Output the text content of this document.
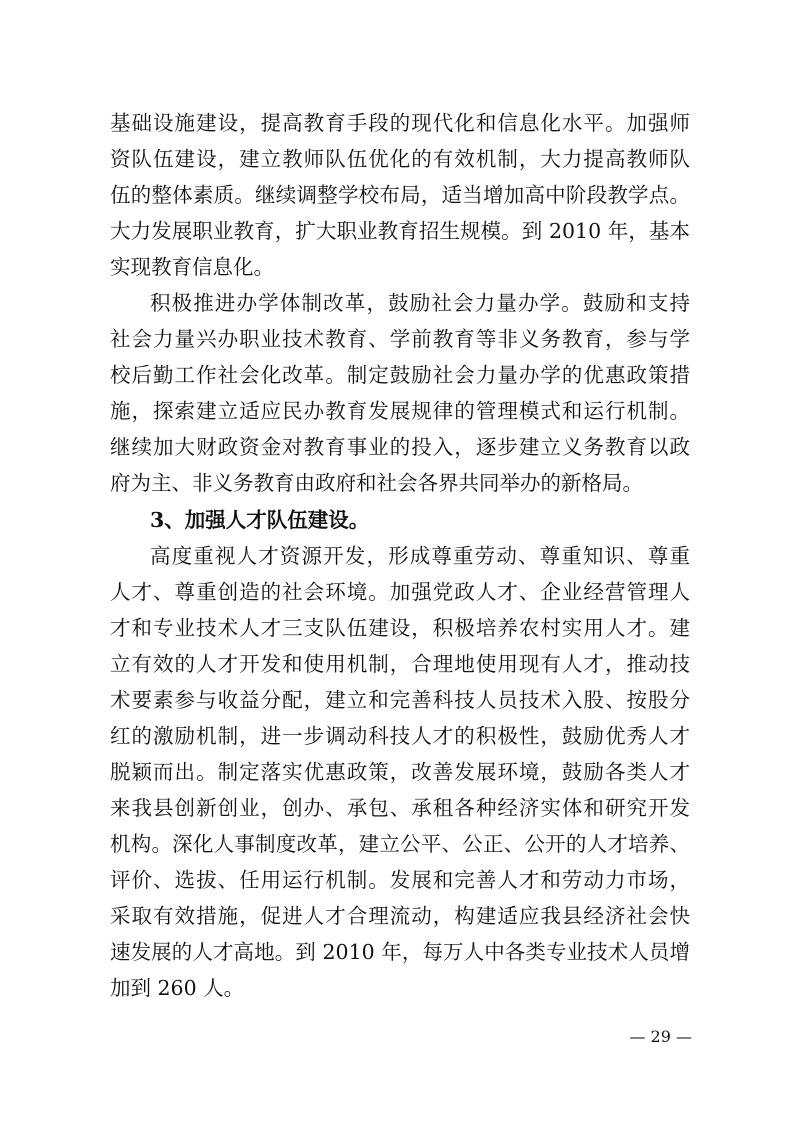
基础设施建设，提高教育手段的现代化和信息化水平。加强师
资队伍建设，建立教师队伍优化的有效机制，大力提高教师队
伍的整体素质。继续调整学校布局，适当增加高中阶段教学点。
大力发展职业教育，扩大职业教育招生规模。到 2010 年，基本
实现教育信息化。
积极推进办学体制改革，鼓励社会力量办学。鼓励和支持
社会力量兴办职业技术教育、学前教育等非义务教育，参与学
校后勤工作社会化改革。制定鼓励社会力量办学的优惠政策措
施，探索建立适应民办教育发展规律的管理模式和运行机制。
继续加大财政资金对教育事业的投入，逐步建立义务教育以政
府为主、非义务教育由政府和社会各界共同举办的新格局。
3、加强人才队伍建设。
高度重视人才资源开发，形成尊重劳动、尊重知识、尊重
人才、尊重创造的社会环境。加强党政人才、企业经营管理人
才和专业技术人才三支队伍建设，积极培养农村实用人才。建
立有效的人才开发和使用机制，合理地使用现有人才，推动技
术要素参与收益分配，建立和完善科技人员技术入股、按股分
红的激励机制，进一步调动科技人才的积极性，鼓励优秀人才
脱颖而出。制定落实优惠政策，改善发展环境，鼓励各类人才
来我县创新创业，创办、承包、承租各种经济实体和研究开发
机构。深化人事制度改革，建立公平、公正、公开的人才培养、
评价、选拔、任用运行机制。发展和完善人才和劳动力市场，
采取有效措施，促进人才合理流动，构建适应我县经济社会快
速发展的人才高地。到 2010 年，每万人中各类专业技术人员增
加到 260 人。
— 29 —
